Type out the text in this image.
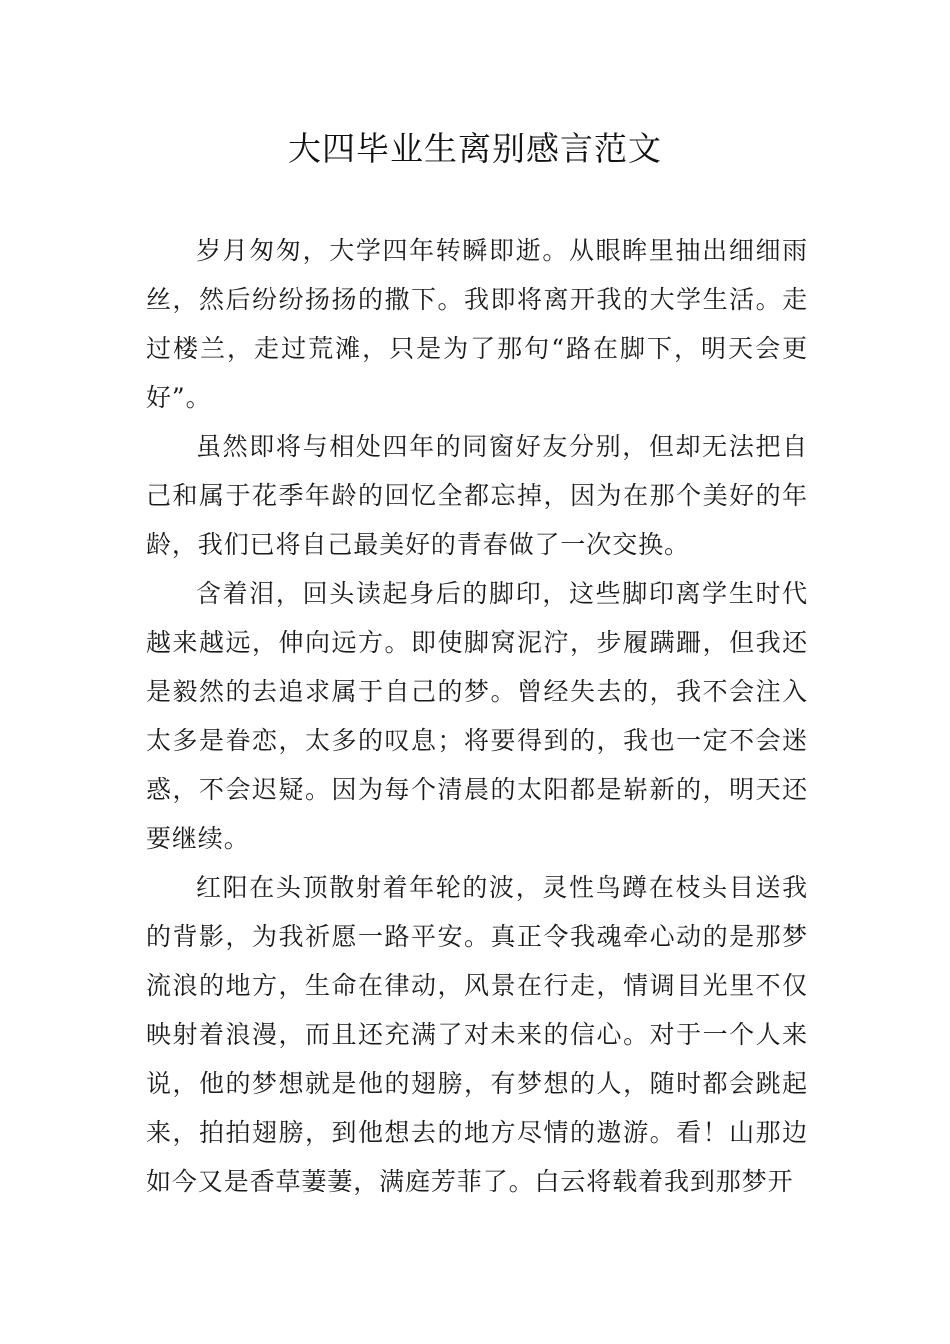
大四毕业生离别感言范文

岁月匆匆，大学四年转瞬即逝。从眼眸里抽出细细雨丝，然后纷纷扬扬的撒下。我即将离开我的大学生活。走过楼兰，走过荒滩，只是为了那句“路在脚下，明天会更好”。

虽然即将与相处四年的同窗好友分别，但却无法把自己和属于花季年龄的回忆全都忘掉，因为在那个美好的年龄，我们已将自己最美好的青春做了一次交换。

含着泪，回头读起身后的脚印，这些脚印离学生时代越来越远，伸向远方。即使脚窝泥泞，步履蹒跚，但我还是毅然的去追求属于自己的梦。曾经失去的，我不会注入太多是眷恋，太多的叹息；将要得到的，我也一定不会迷惑，不会迟疑。因为每个清晨的太阳都是崭新的，明天还要继续。

红阳在头顶散射着年轮的波，灵性鸟蹲在枝头目送我的背影，为我祈愿一路平安。真正令我魂牵心动的是那梦流浪的地方，生命在律动，风景在行走，情调目光里不仅映射着浪漫，而且还充满了对未来的信心。对于一个人来说，他的梦想就是他的翅膀，有梦想的人，随时都会跳起来，拍拍翅膀，到他想去的地方尽情的遨游。看！山那边如今又是香草萋萋，满庭芳菲了。白云将载着我到那梦开
